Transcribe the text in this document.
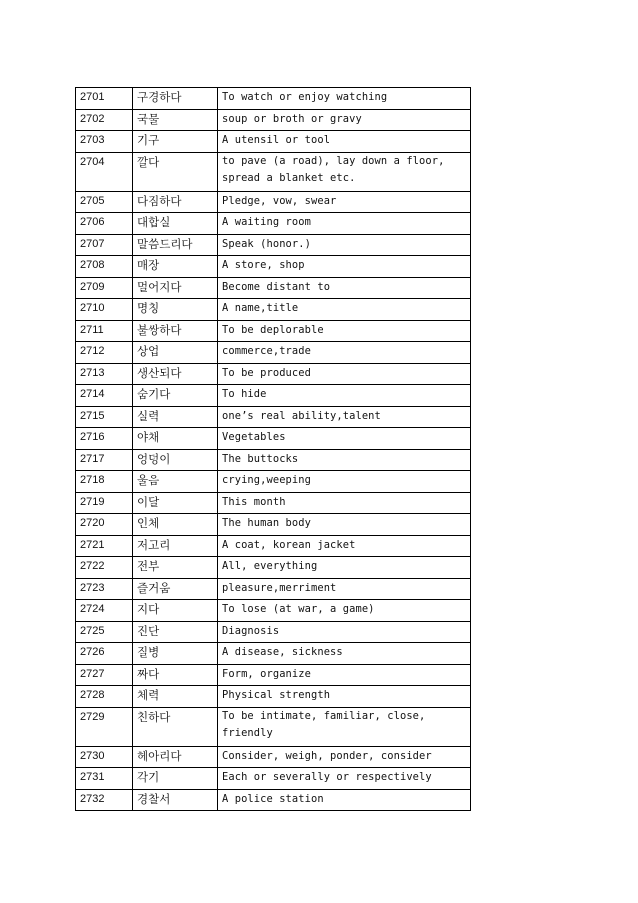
2701	구경하다	To watch or enjoy watching
2702	국물	soup or broth or gravy
2703	기구	A utensil or tool
2704	깔다	to pave (a road), lay down a floor, spread a blanket etc.
2705	다짐하다	Pledge, vow, swear
2706	대합실	A waiting room
2707	말씀드리다	Speak (honor.)
2708	매장	A store, shop
2709	멀어지다	Become distant to
2710	명칭	A name,title
2711	불쌍하다	To be deplorable
2712	상업	commerce,trade
2713	생산되다	To be produced
2714	숨기다	To hide
2715	실력	one’s real ability,talent
2716	야채	Vegetables
2717	엉덩이	The buttocks
2718	울음	crying,weeping
2719	이달	This month
2720	인체	The human body
2721	저고리	A coat, korean jacket
2722	전부	All, everything
2723	즐거움	pleasure,merriment
2724	지다	To lose (at war, a game)
2725	진단	Diagnosis
2726	질병	A disease, sickness
2727	짜다	Form, organize
2728	체력	Physical strength
2729	친하다	To be intimate, familiar, close, friendly
2730	헤아리다	Consider, weigh, ponder, consider
2731	각기	Each or severally or respectively
2732	경찰서	A police station
